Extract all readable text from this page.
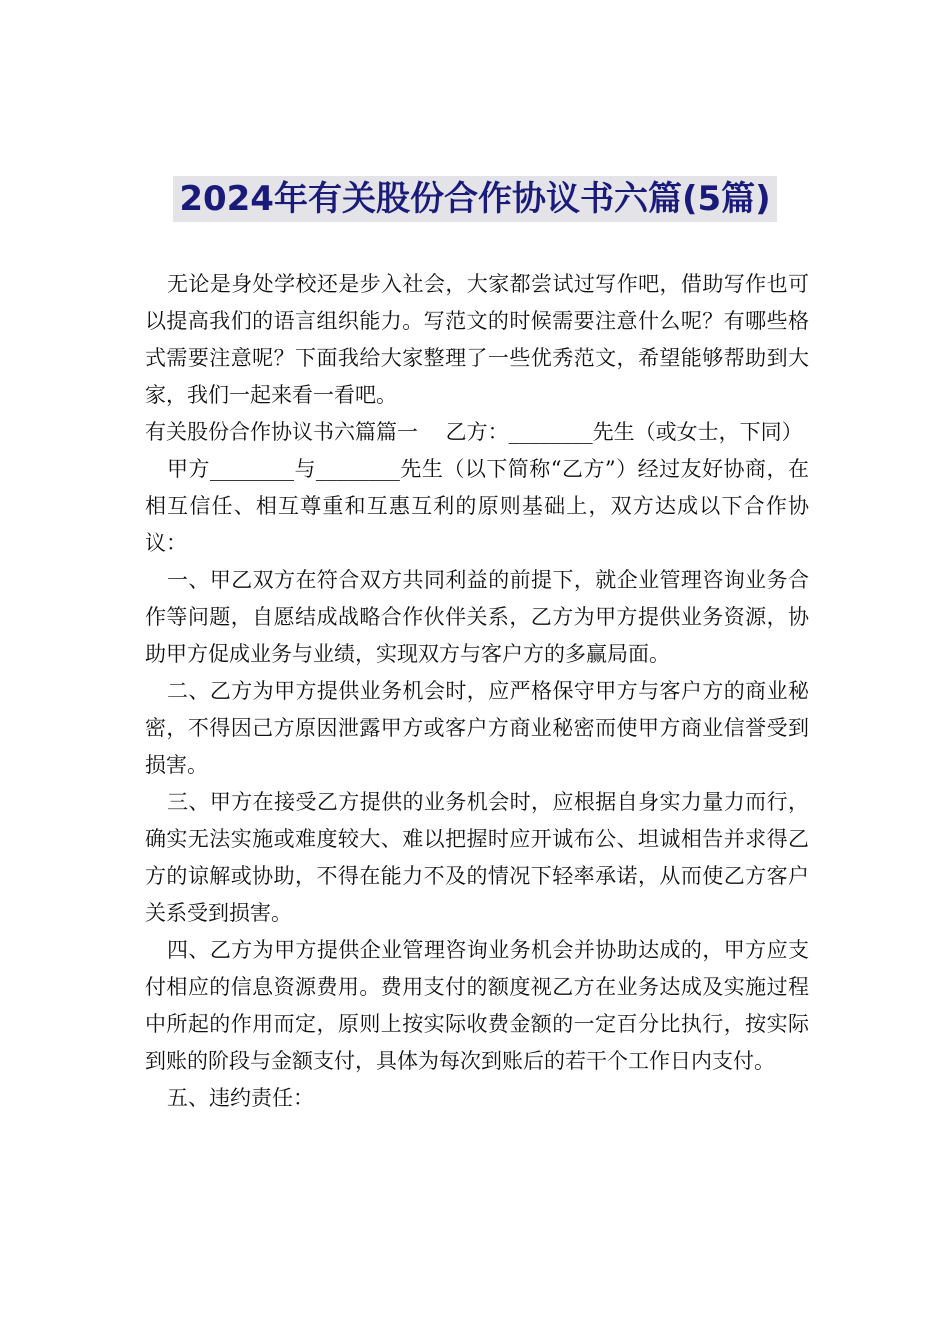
2024年有关股份合作协议书六篇(5篇)

无论是身处学校还是步入社会，大家都尝试过写作吧，借助写作也可以提高我们的语言组织能力。写范文的时候需要注意什么呢？有哪些格式需要注意呢？下面我给大家整理了一些优秀范文，希望能够帮助到大家，我们一起来看一看吧。

有关股份合作协议书六篇篇一　 乙方：________先生（或女士，下同）

甲方________与________先生（以下简称“乙方”）经过友好协商，在相互信任、相互尊重和互惠互利的原则基础上，双方达成以下合作协议：

一、甲乙双方在符合双方共同利益的前提下，就企业管理咨询业务合作等问题，自愿结成战略合作伙伴关系，乙方为甲方提供业务资源，协助甲方促成业务与业绩，实现双方与客户方的多赢局面。

二、乙方为甲方提供业务机会时，应严格保守甲方与客户方的商业秘密，不得因己方原因泄露甲方或客户方商业秘密而使甲方商业信誉受到损害。

三、甲方在接受乙方提供的业务机会时，应根据自身实力量力而行，确实无法实施或难度较大、难以把握时应开诚布公、坦诚相告并求得乙方的谅解或协助，不得在能力不及的情况下轻率承诺，从而使乙方客户关系受到损害。

四、乙方为甲方提供企业管理咨询业务机会并协助达成的，甲方应支付相应的信息资源费用。费用支付的额度视乙方在业务达成及实施过程中所起的作用而定，原则上按实际收费金额的一定百分比执行，按实际到账的阶段与金额支付，具体为每次到账后的若干个工作日内支付。

五、违约责任：
